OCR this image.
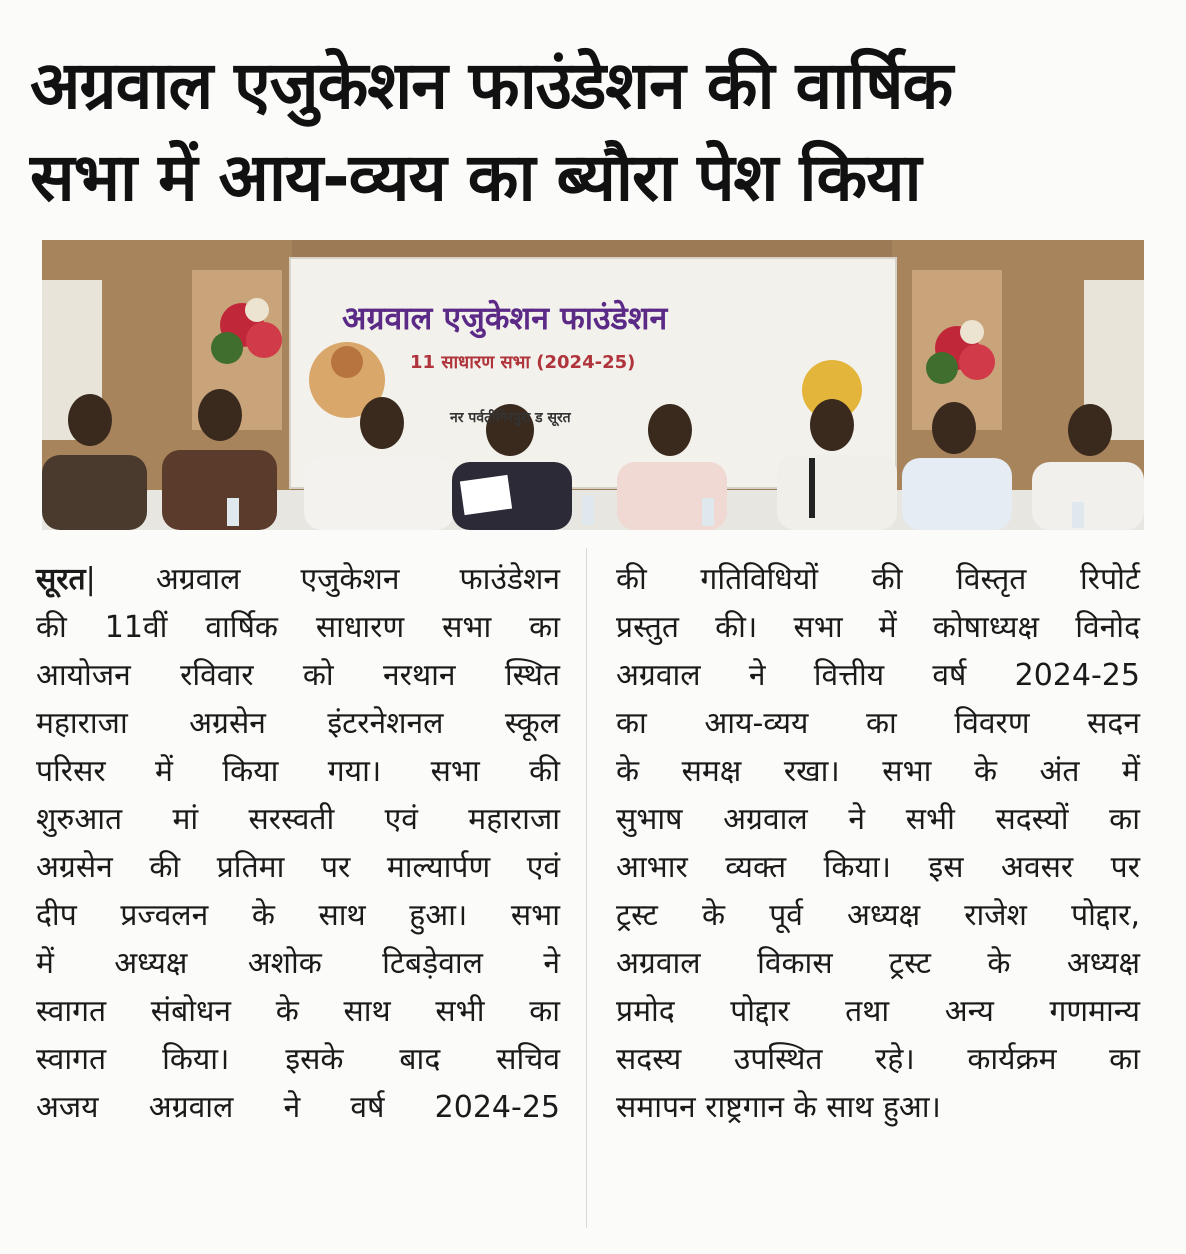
अग्रवाल एजुकेशन फाउंडेशन की वार्षिक
सभा में आय-व्यय का ब्यौरा पेश किया
अग्रवाल एजुकेशन फाउंडेशन
11 साधारण सभा (2024-25)
नर पर्वतीगिरपुरा ड सूरत

सूरत| अग्रवाल एजुकेशन फाउंडेशन

की 11वीं वार्षिक साधारण सभा का

आयोजन रविवार को नरथान स्थित

महाराजा अग्रसेन इंटरनेशनल स्कूल

परिसर में किया गया। सभा की

शुरुआत मां सरस्वती एवं महाराजा

अग्रसेन की प्रतिमा पर माल्यार्पण एवं

दीप प्रज्वलन के साथ हुआ। सभा

में अध्यक्ष अशोक टिबड़ेवाल ने

स्वागत संबोधन के साथ सभी का

स्वागत किया। इसके बाद सचिव

अजय अग्रवाल ने वर्ष 2024-25

की गतिविधियों की विस्तृत रिपोर्ट

प्रस्तुत की। सभा में कोषाध्यक्ष विनोद

अग्रवाल ने वित्तीय वर्ष 2024-25

का आय-व्यय का विवरण सदन

के समक्ष रखा। सभा के अंत में

सुभाष अग्रवाल ने सभी सदस्यों का

आभार व्यक्त किया। इस अवसर पर

ट्रस्ट के पूर्व अध्यक्ष राजेश पोद्दार,

अग्रवाल विकास ट्रस्ट के अध्यक्ष

प्रमोद पोद्दार तथा अन्य गणमान्य

सदस्य उपस्थित रहे। कार्यक्रम का

समापन राष्ट्रगान के साथ हुआ।
